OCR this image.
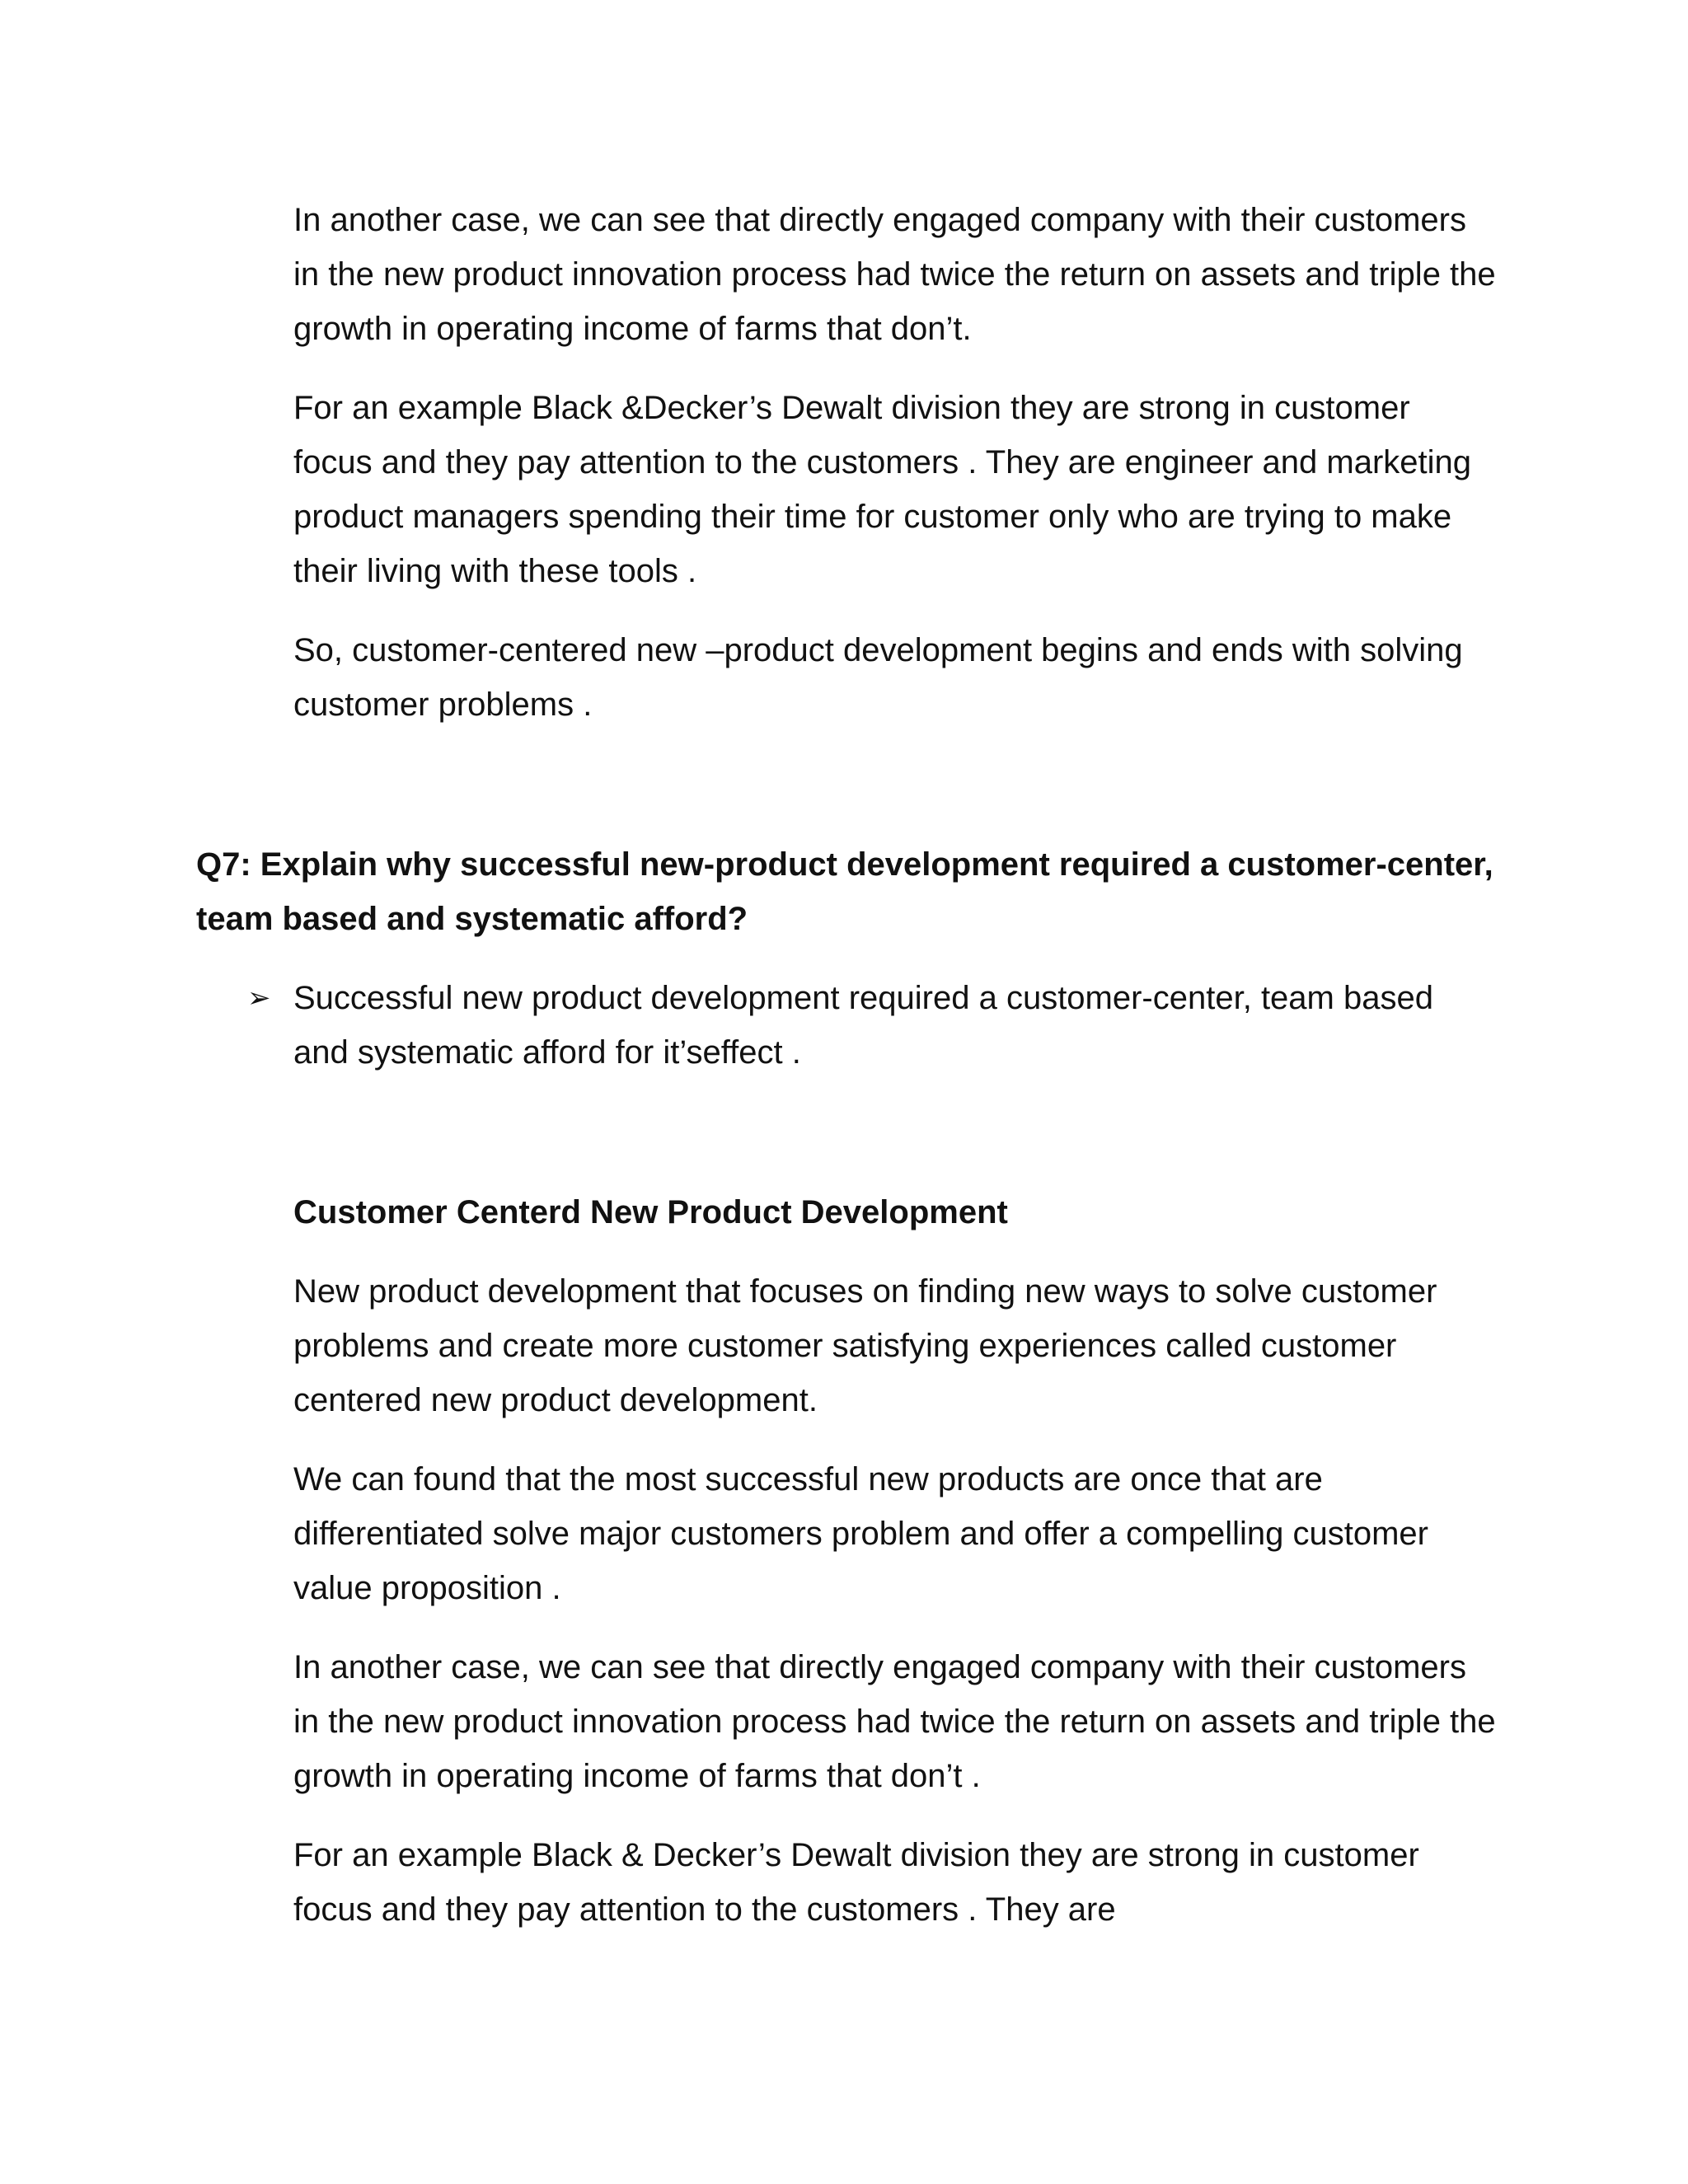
In another case, we can see that directly engaged company with their customers in the new product innovation process had twice the return on assets and triple the growth in operating income of farms that don’t.

For an example Black &Decker’s Dewalt division they are strong in customer focus and they pay attention to the customers . They are engineer and marketing product managers spending their time for customer only who are trying to make their living with these tools .

So, customer-centered new –product development begins and ends with solving customer problems .

Q7: Explain why successful new-product development required a customer-center, team based and systematic afford?

➢ Successful new product development required a customer-center, team based and systematic afford for it’seffect .

Customer Centerd New Product Development

New product development that focuses on finding new ways to solve customer problems and create more customer satisfying experiences called customer centered new product development.

We can found that the most successful new products are once that are differentiated solve major customers problem and offer a compelling customer value proposition .

In another case, we can see that directly engaged company with their customers in the new product innovation process had twice the return on assets and triple the growth in operating income of farms that don’t .

For an example Black & Decker’s Dewalt division they are strong in customer focus and they pay attention to the customers . They are
